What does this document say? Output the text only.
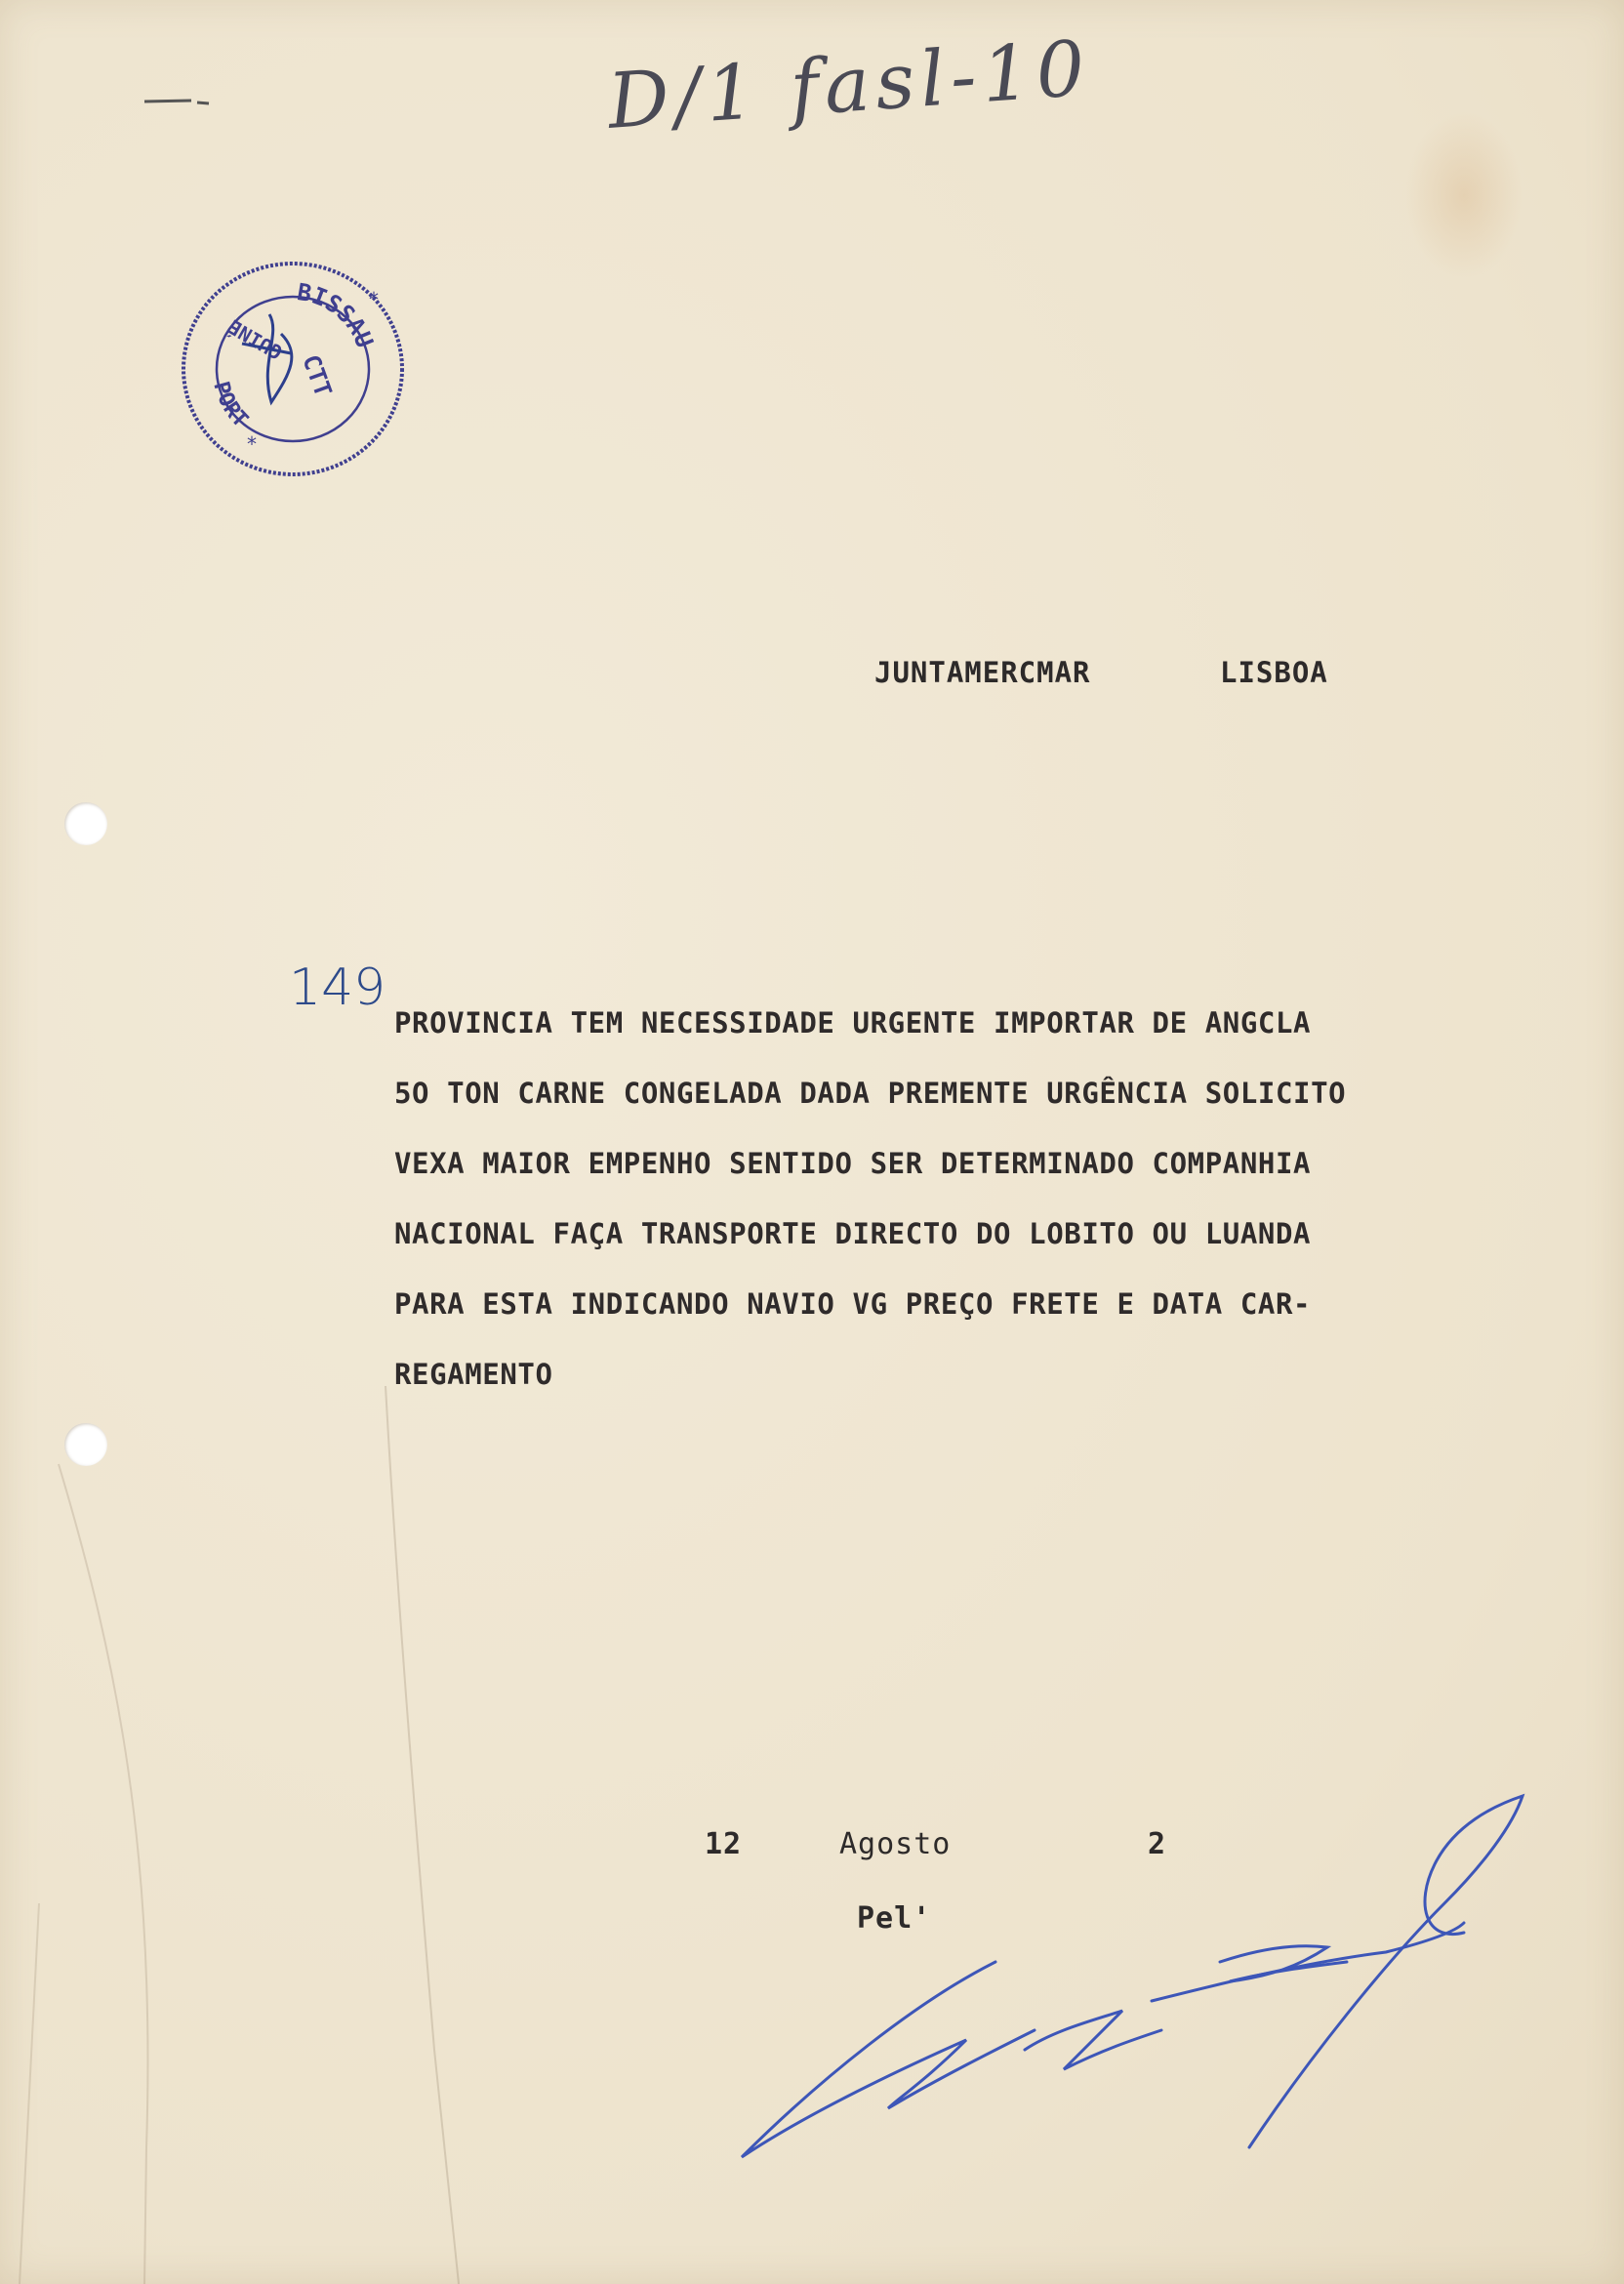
D/1 fasl-10
BISSAU
PORT
GUINÉ
CTT
*
*
JUNTAMERCMAR	LISBOA
149
PROVINCIA TEM NECESSIDADE URGENTE IMPORTAR DE ANGCLA
5O TON CARNE CONGELADA DADA PREMENTE URGÊNCIA SOLICITO
VEXA MAIOR EMPENHO SENTIDO SER DETERMINADO COMPANHIA
NACIONAL FAÇA TRANSPORTE DIRECTO DO LOBITO OU LUANDA
PARA ESTA INDICANDO NAVIO VG PREÇO FRETE E DATA CAR-
REGAMENTO
12	Agosto	2
Pel'
